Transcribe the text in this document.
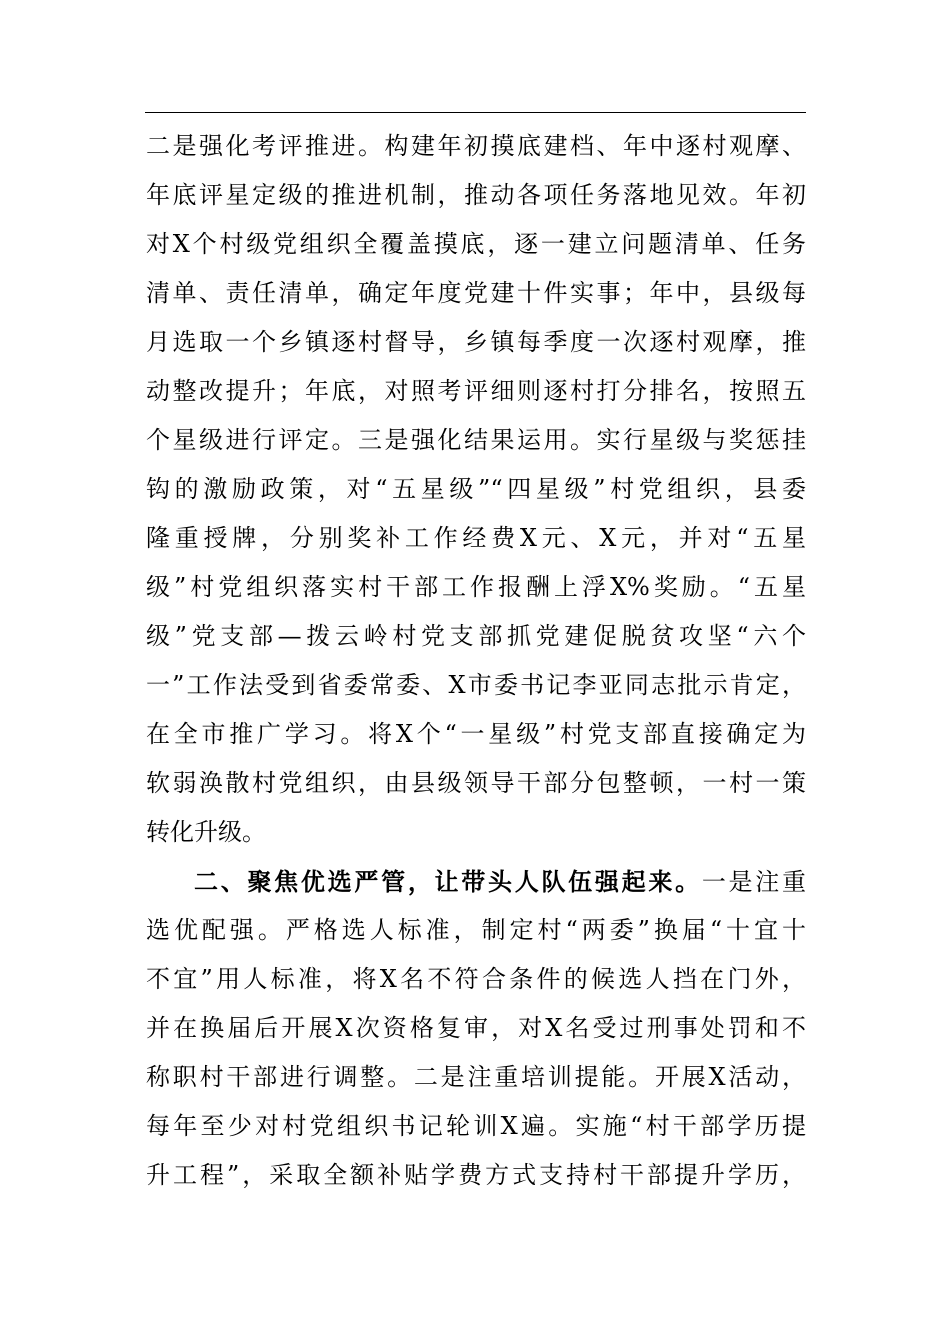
二是强化考评推进。构建年初摸底建档、年中逐村观摩、
年底评星定级的推进机制，推动各项任务落地见效。年初
对X个村级党组织全覆盖摸底，逐一建立问题清单、任务
清单、责任清单，确定年度党建十件实事；年中，县级每
月选取一个乡镇逐村督导，乡镇每季度一次逐村观摩，推
动整改提升；年底，对照考评细则逐村打分排名，按照五
个星级进行评定。三是强化结果运用。实行星级与奖惩挂
钩的激励政策，对“五星级”“四星级”村党组织，县委
隆重授牌，分别奖补工作经费X元、X元，并对“五星
级”村党组织落实村干部工作报酬上浮X%奖励。“五星
级”党支部—拨云岭村党支部抓党建促脱贫攻坚“六个
一”工作法受到省委常委、X市委书记李亚同志批示肯定，
在全市推广学习。将X个“一星级”村党支部直接确定为
软弱涣散村党组织，由县级领导干部分包整顿，一村一策
转化升级。
二、聚焦优选严管，让带头人队伍强起来。一是注重
选优配强。严格选人标准，制定村“两委”换届“十宜十
不宜”用人标准，将X名不符合条件的候选人挡在门外，
并在换届后开展X次资格复审，对X名受过刑事处罚和不
称职村干部进行调整。二是注重培训提能。开展X活动，
每年至少对村党组织书记轮训X遍。实施“村干部学历提
升工程”，采取全额补贴学费方式支持村干部提升学历，
